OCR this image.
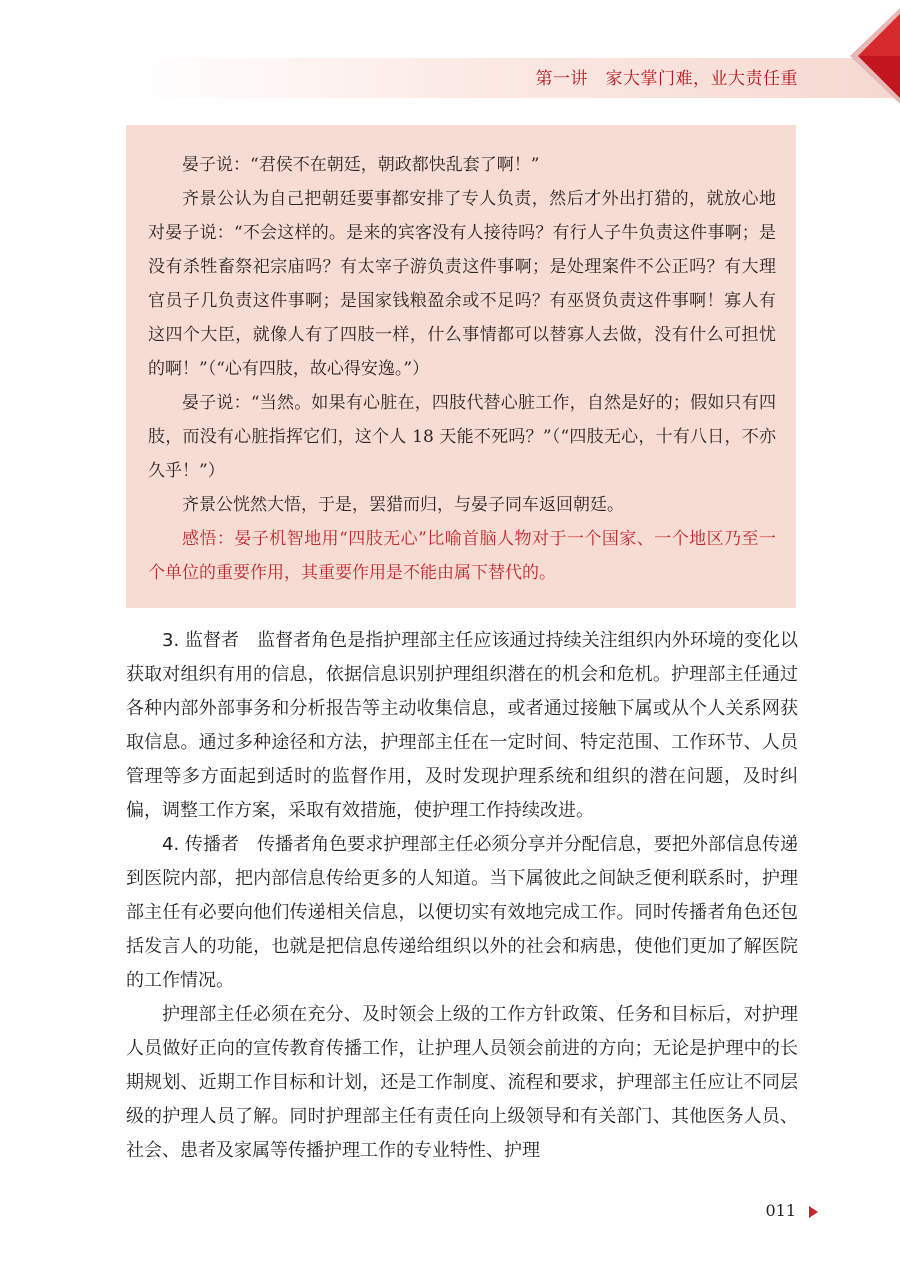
第一讲　家大掌门难，业大责任重

晏子说：“君侯不在朝廷，朝政都快乱套了啊！”

齐景公认为自己把朝廷要事都安排了专人负责，然后才外出打猎的，就放心地对晏子说：“不会这样的。是来的宾客没有人接待吗？有行人子牛负责这件事啊；是没有杀牲畜祭祀宗庙吗？有太宰子游负责这件事啊；是处理案件不公正吗？有大理官员子几负责这件事啊；是国家钱粮盈余或不足吗？有巫贤负责这件事啊！寡人有这四个大臣，就像人有了四肢一样，什么事情都可以替寡人去做，没有什么可担忧的啊！”（“心有四肢，故心得安逸。”）

晏子说：“当然。如果有心脏在，四肢代替心脏工作，自然是好的；假如只有四肢，而没有心脏指挥它们，这个人 18 天能不死吗？”（“四肢无心，十有八日，不亦久乎！”）

齐景公恍然大悟，于是，罢猎而归，与晏子同车返回朝廷。

感悟：晏子机智地用“四肢无心”比喻首脑人物对于一个国家、一个地区乃至一个单位的重要作用，其重要作用是不能由属下替代的。

3. 监督者　监督者角色是指护理部主任应该通过持续关注组织内外环境的变化以获取对组织有用的信息，依据信息识别护理组织潜在的机会和危机。护理部主任通过各种内部外部事务和分析报告等主动收集信息，或者通过接触下属或从个人关系网获取信息。通过多种途径和方法，护理部主任在一定时间、特定范围、工作环节、人员管理等多方面起到适时的监督作用，及时发现护理系统和组织的潜在问题，及时纠偏，调整工作方案，采取有效措施，使护理工作持续改进。

4. 传播者　传播者角色要求护理部主任必须分享并分配信息，要把外部信息传递到医院内部，把内部信息传给更多的人知道。当下属彼此之间缺乏便利联系时，护理部主任有必要向他们传递相关信息，以便切实有效地完成工作。同时传播者角色还包括发言人的功能，也就是把信息传递给组织以外的社会和病患，使他们更加了解医院的工作情况。

护理部主任必须在充分、及时领会上级的工作方针政策、任务和目标后，对护理人员做好正向的宣传教育传播工作，让护理人员领会前进的方向；无论是护理中的长期规划、近期工作目标和计划，还是工作制度、流程和要求，护理部主任应让不同层级的护理人员了解。同时护理部主任有责任向上级领导和有关部门、其他医务人员、社会、患者及家属等传播护理工作的专业特性、护理

011
